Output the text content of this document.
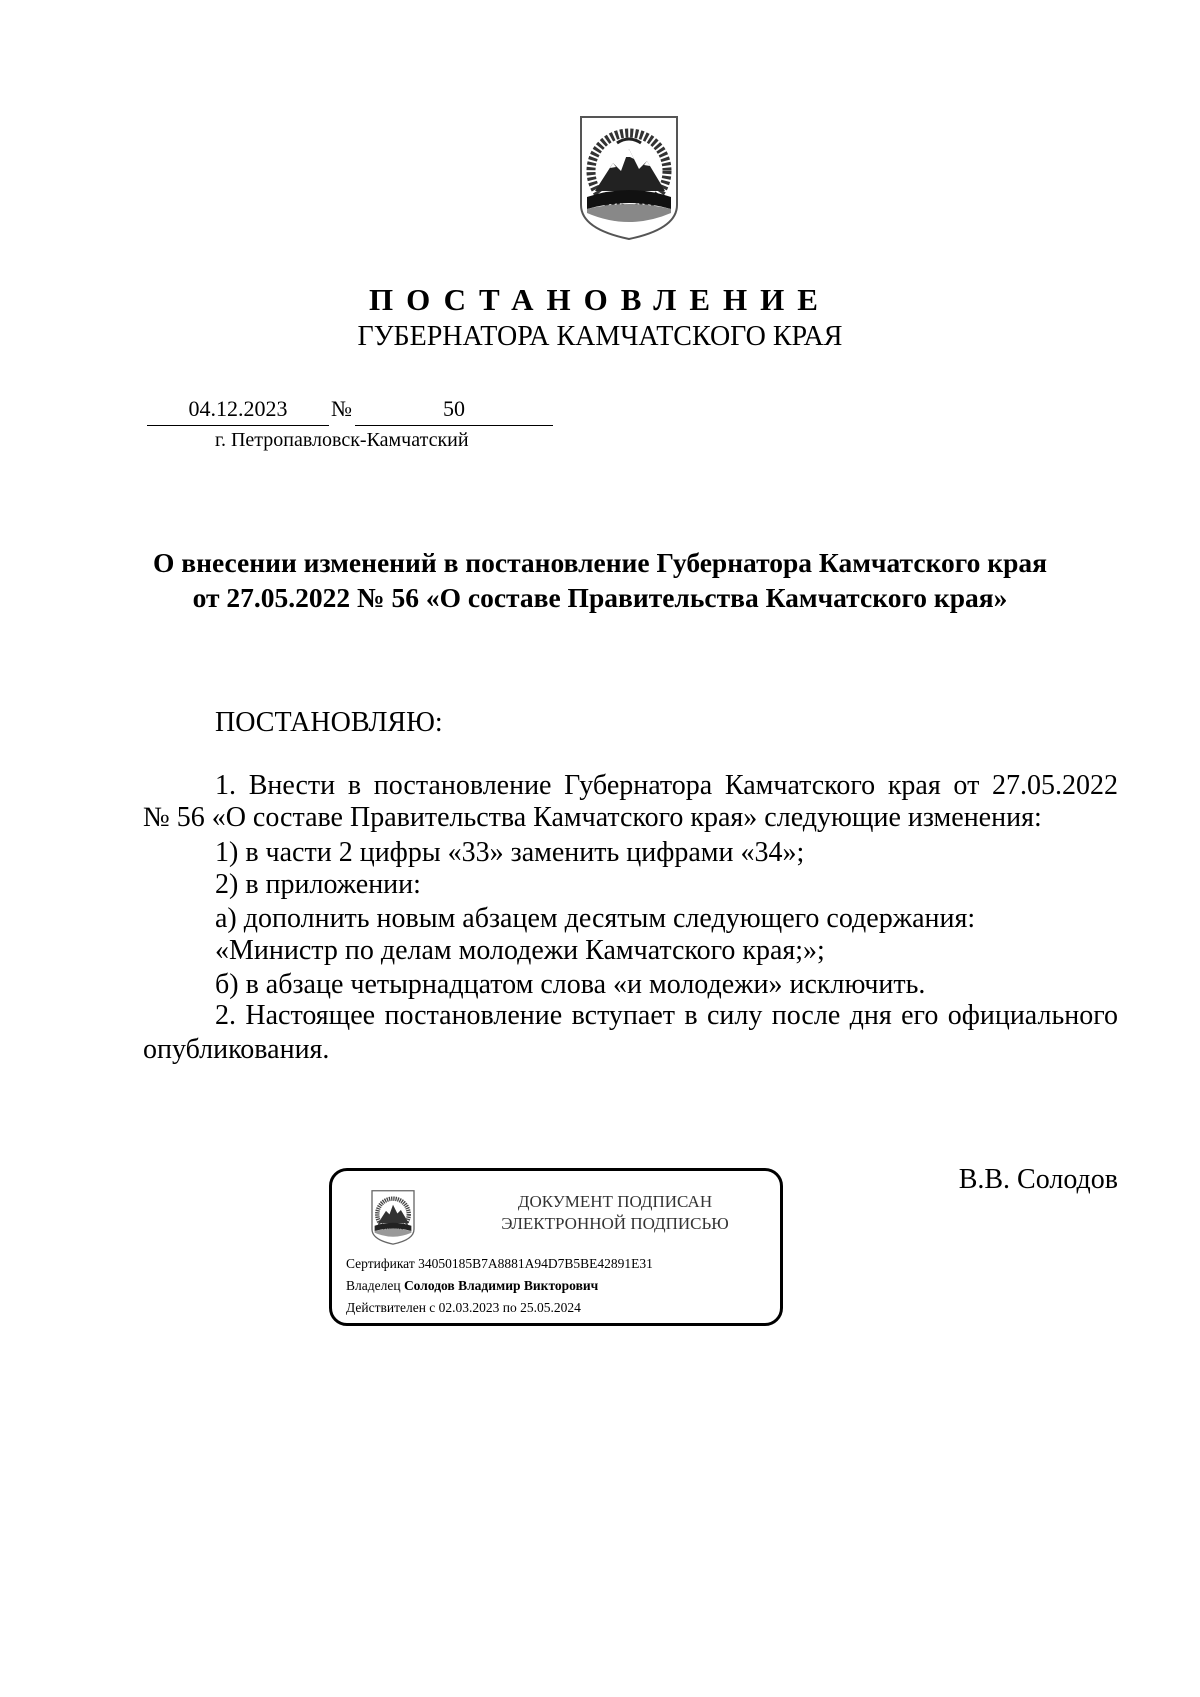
ПОСТАНОВЛЕНИЕ
ГУБЕРНАТОРА КАМЧАТСКОГО КРАЯ
04.12.2023	№	50
г. Петропавловск-Камчатский
О внесении изменений в постановление Губернатора Камчатского края
от 27.05.2022 № 56 «О составе Правительства Камчатского края»
ПОСТАНОВЛЯЮ:
1. Внести в постановление Губернатора Камчатского края от 27.05.2022
№ 56 «О составе Правительства Камчатского края» следующие изменения:
1) в части 2 цифры «33» заменить цифрами «34»;
2) в приложении:
а) дополнить новым абзацем десятым следующего содержания:
«Министр по делам молодежи Камчатского края;»;
б) в абзаце четырнадцатом слова «и молодежи» исключить.
2. Настоящее постановление вступает в силу после дня его официального
опубликования.
В.В. Солодов
ДОКУМЕНТ ПОДПИСАН
ЭЛЕКТРОННОЙ ПОДПИСЬЮ
Сертификат 34050185B7A8881A94D7B5BE42891E31
Владелец Солодов Владимир Викторович
Действителен с 02.03.2023 по 25.05.2024
